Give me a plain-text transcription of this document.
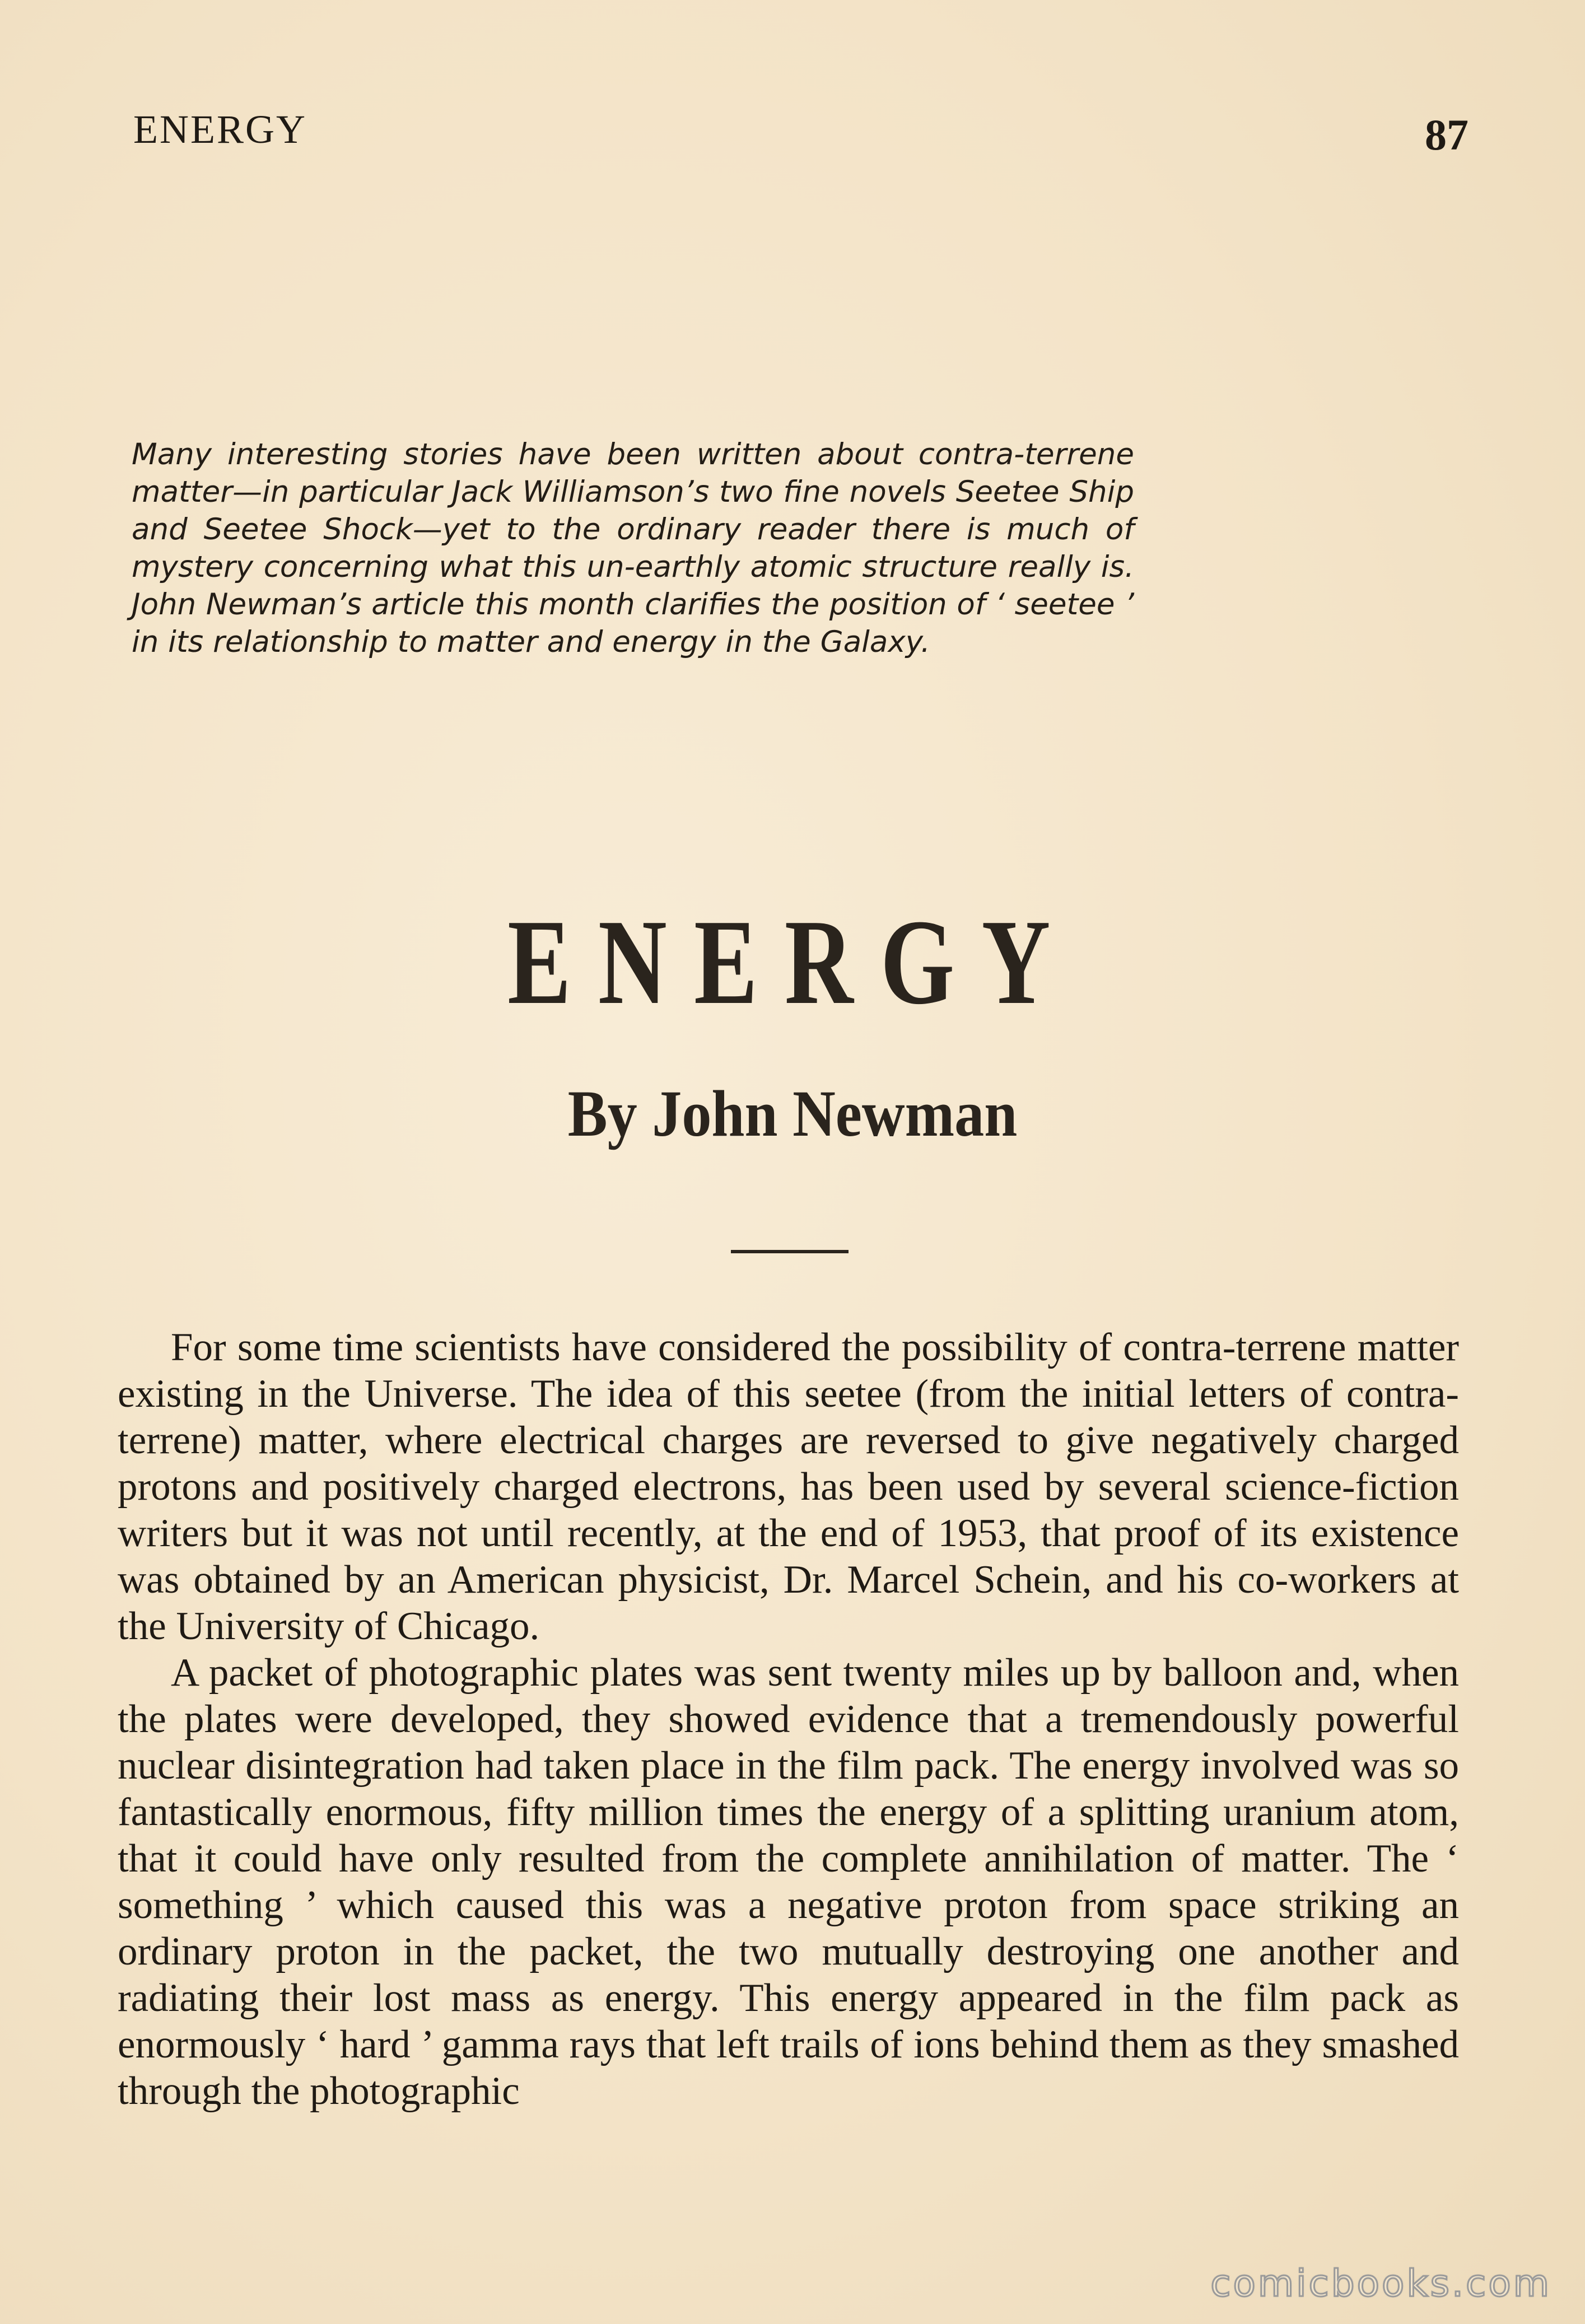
ENERGY	87
Many interesting stories have been written about contra-terrene matter—in particular Jack Williamson’s two fine novels Seetee Ship and Seetee Shock—yet to the ordinary reader there is much of mystery concerning what this un-earthly atomic structure really is. John Newman’s article this month clarifies the position of ‘ seetee ’ in its relationship to matter and energy in the Galaxy.
ENERGY
By John Newman

For some time scientists have considered the possibility of contra-terrene matter existing in the Universe. The idea of this seetee (from the initial letters of contra-terrene) matter, where electrical charges are reversed to give negatively charged protons and positively charged electrons, has been used by several science-fiction writers but it was not until recently, at the end of 1953, that proof of its existence was obtained by an American physicist, Dr. Marcel Schein, and his co-workers at the University of Chicago.

A packet of photographic plates was sent twenty miles up by balloon and, when the plates were developed, they showed evidence that a tremendously powerful nuclear disintegration had taken place in the film pack. The energy involved was so fantastically enormous, fifty million times the energy of a splitting uranium atom, that it could have only resulted from the complete annihilation of matter. The ‘ something ’ which caused this was a negative proton from space striking an ordinary proton in the packet, the two mutually destroying one another and radiating their lost mass as energy. This energy appeared in the film pack as enormously ‘ hard ’ gamma rays that left trails of ions behind them as they smashed through the photographic

comicbooks.com
